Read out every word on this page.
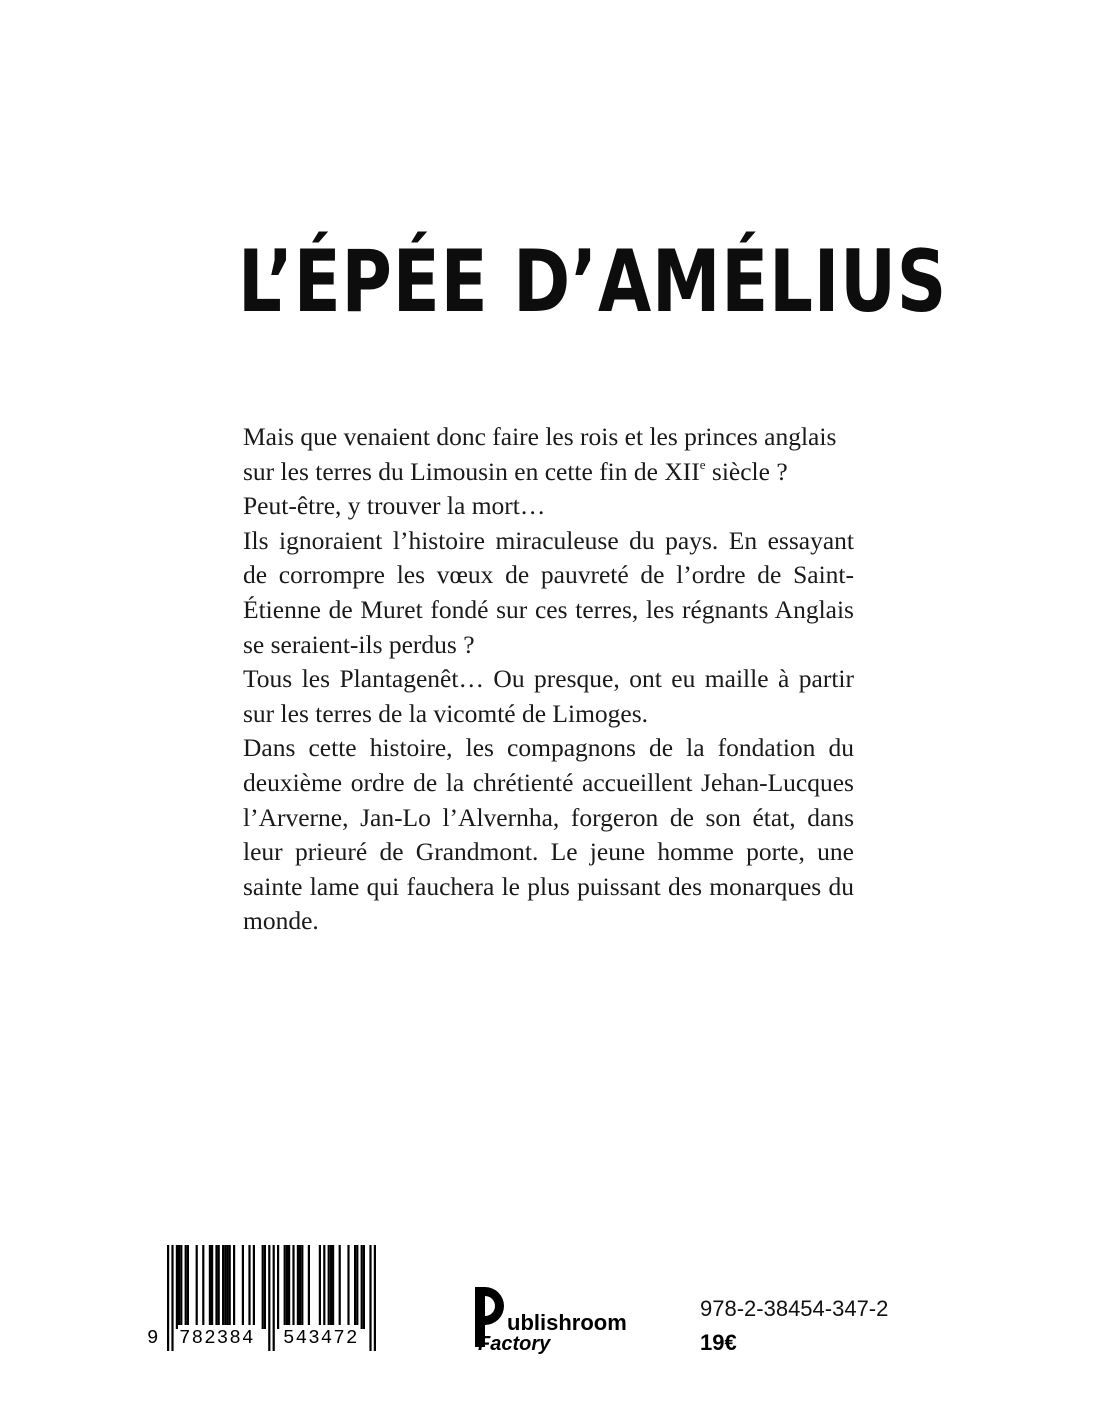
L’ÉPÉE D’AMÉLIUS

Mais que venaient donc faire les rois et les princes anglais sur les terres du Limousin en cette fin de XIIe siècle ?

Peut-être, y trouver la mort…

Ils ignoraient l’histoire miraculeuse du pays. En essayant de corrompre les vœux de pauvreté de l’ordre de Saint-Étienne de Muret fondé sur ces terres, les régnants Anglais se seraient-ils perdus ?

Tous les Plantagenêt… Ou presque, ont eu maille à partir sur les terres de la vicomté de Limoges.

Dans cette histoire, les compagnons de la fondation du deuxième ordre de la chrétienté accueillent Jehan-Lucques l’Arverne, Jan-Lo l’Alvernha, forgeron de son état, dans leur prieuré de Grandmont. Le jeune homme porte, une sainte lame qui fauchera le plus puissant des monarques du monde.

9 782384 543472
ublishroom
Factory
978-2-38454-347-2
19€
